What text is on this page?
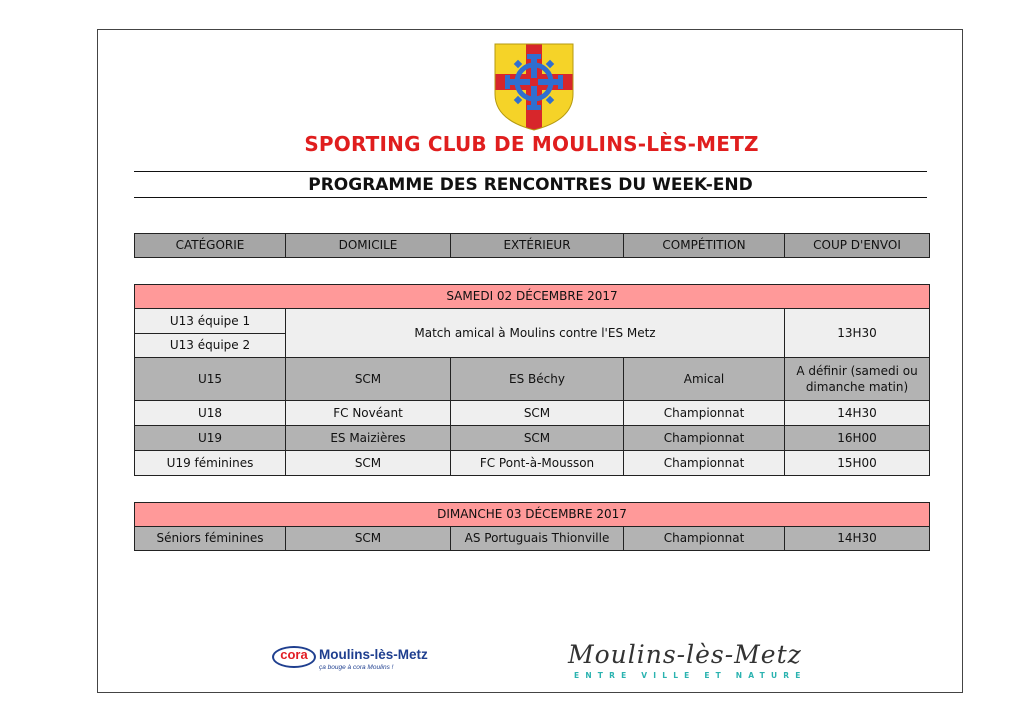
SPORTING CLUB DE MOULINS-LÈS-METZ
PROGRAMME DES RENCONTRES DU WEEK-END
CATÉGORIE	DOMICILE	EXTÉRIEUR	COMPÉTITION	COUP D'ENVOI
SAMEDI 02 DÉCEMBRE 2017				
U13 équipe 1	Match amical à Moulins contre l'ES Metz			13H30
U13 équipe 2				
U15	SCM	ES Béchy	Amical	A définir (samedi ou dimanche matin)
U18	FC Novéant	SCM	Championnat	14H30
U19	ES Maizières	SCM	Championnat	16H00
U19 féminines	SCM	FC Pont-à-Mousson	Championnat	15H00
DIMANCHE 03 DÉCEMBRE 2017
Séniors féminines	SCM	AS Portuguais Thionville	Championnat	14H30
cora Moulins-lès-Metz
ça bouge à cora Moulins !	Moulins-lès-Metz
ENTRE VILLE ET NATURE
